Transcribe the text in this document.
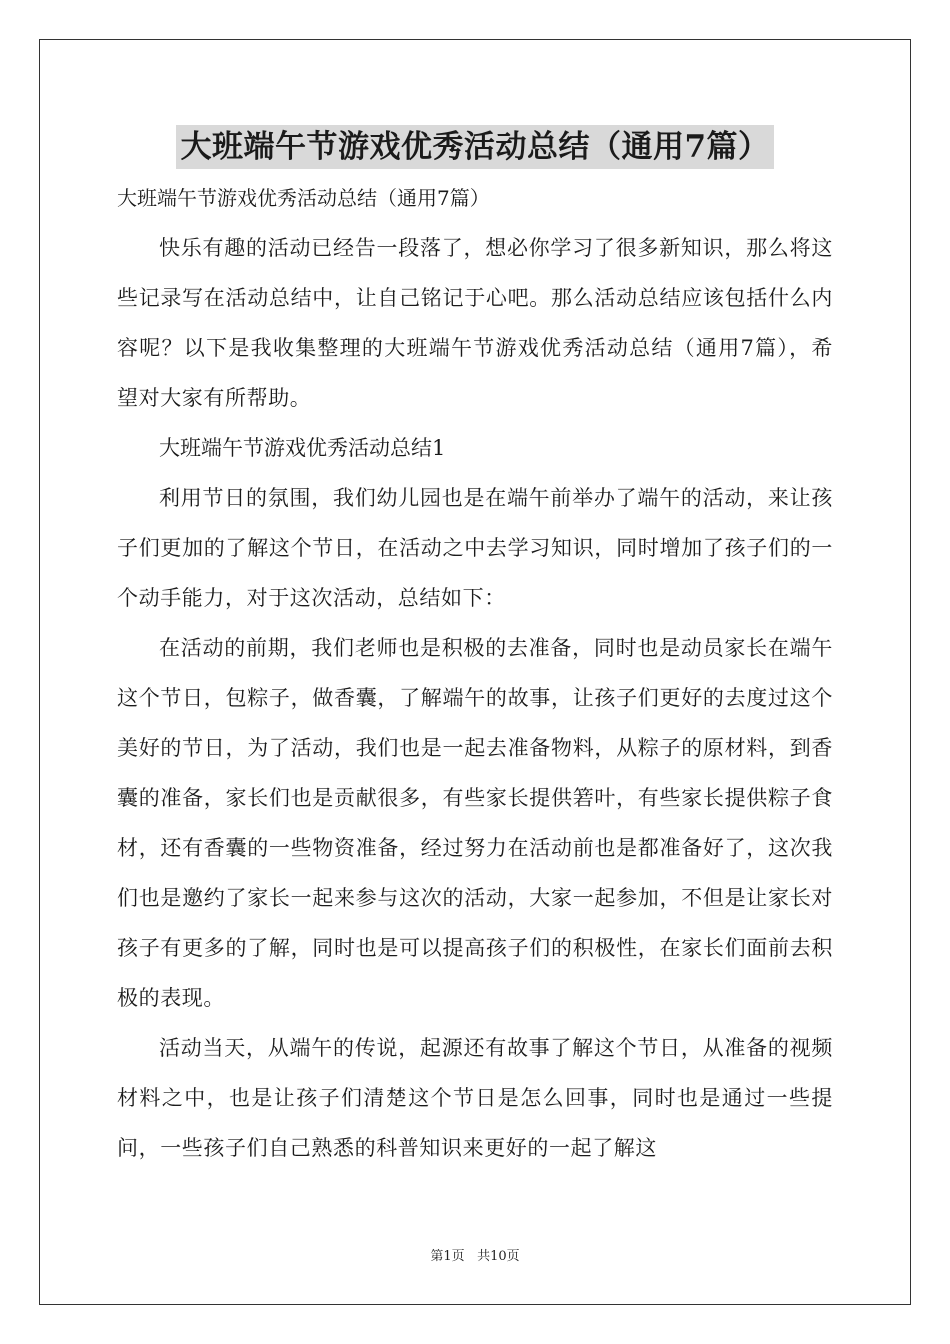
大班端午节游戏优秀活动总结（通用7篇）

大班端午节游戏优秀活动总结（通用7篇）

快乐有趣的活动已经告一段落了，想必你学习了很多新知识，那么将这些记录写在活动总结中，让自己铭记于心吧。那么活动总结应该包括什么内容呢？以下是我收集整理的大班端午节游戏优秀活动总结（通用7篇），希望对大家有所帮助。

大班端午节游戏优秀活动总结1

利用节日的氛围，我们幼儿园也是在端午前举办了端午的活动，来让孩子们更加的了解这个节日，在活动之中去学习知识，同时增加了孩子们的一个动手能力，对于这次活动，总结如下：

在活动的前期，我们老师也是积极的去准备，同时也是动员家长在端午这个节日，包粽子，做香囊，了解端午的故事，让孩子们更好的去度过这个美好的节日，为了活动，我们也是一起去准备物料，从粽子的原材料，到香囊的准备，家长们也是贡献很多，有些家长提供箬叶，有些家长提供粽子食材，还有香囊的一些物资准备，经过努力在活动前也是都准备好了，这次我们也是邀约了家长一起来参与这次的活动，大家一起参加，不但是让家长对孩子有更多的了解，同时也是可以提高孩子们的积极性，在家长们面前去积极的表现。

活动当天，从端午的传说，起源还有故事了解这个节日，从准备的视频材料之中，也是让孩子们清楚这个节日是怎么回事，同时也是通过一些提问，一些孩子们自己熟悉的科普知识来更好的一起了解这

第1页 共10页
